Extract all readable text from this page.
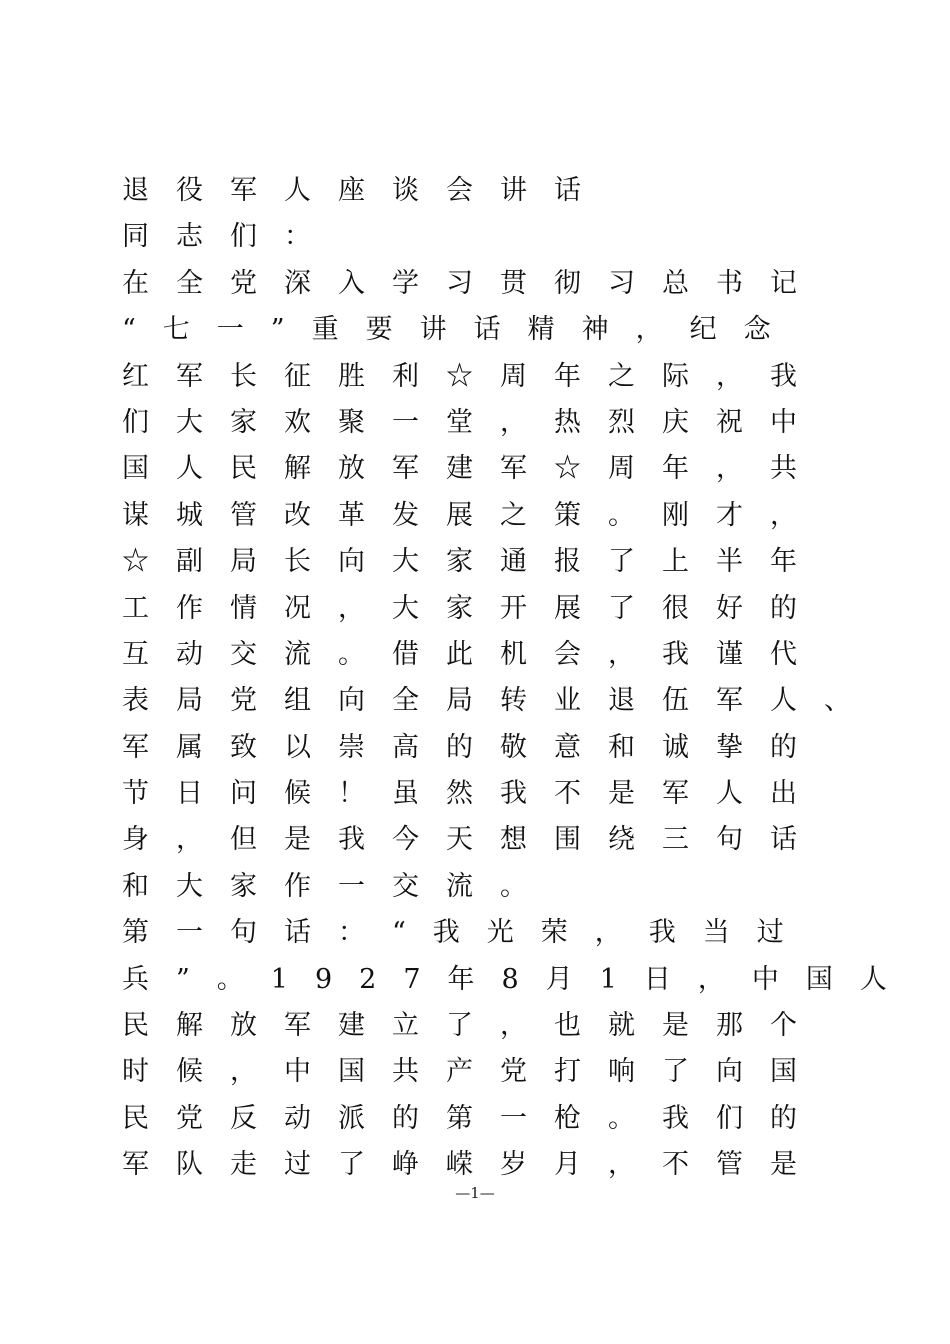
退役军人座谈会讲话
同志们：
在全党深入学习贯彻习总书记
“七一”重要讲话精神，纪念
红军长征胜利☆周年之际，我
们大家欢聚一堂，热烈庆祝中
国人民解放军建军☆周年，共
谋城管改革发展之策。刚才，
☆副局长向大家通报了上半年
工作情况，大家开展了很好的
互动交流。借此机会，我谨代
表局党组向全局转业退伍军人、
军属致以崇高的敬意和诚挚的
节日问候！虽然我不是军人出
身，但是我今天想围绕三句话
和大家作一交流。
第一句话：“我光荣，我当过
兵”。1927年8月1日，中国人
民解放军建立了，也就是那个
时候，中国共产党打响了向国
民党反动派的第一枪。我们的
军队走过了峥嵘岁月，不管是
—1—
